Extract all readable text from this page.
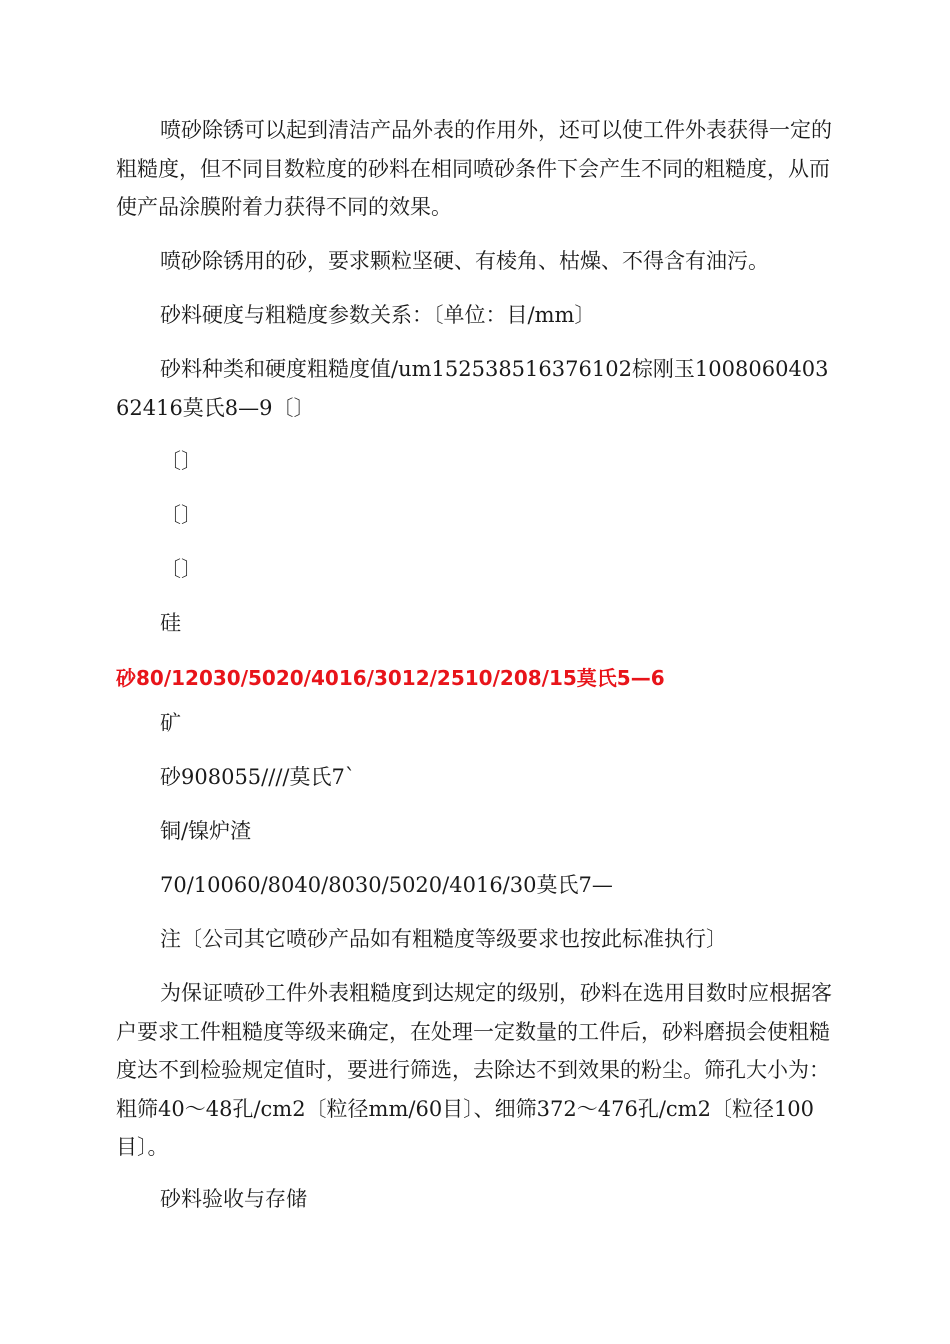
喷砂除锈可以起到清洁产品外表的作用外，还可以使工件外表获得一定的粗糙度，但不同目数粒度的砂料在相同喷砂条件下会产生不同的粗糙度，从而使产品涂膜附着力获得不同的效果。

喷砂除锈用的砂，要求颗粒坚硬、有棱角、枯燥、不得含有油污。

砂料硬度与粗糙度参数关系：〔单位：目/mm〕

砂料种类和硬度粗糙度值/um152538516376102棕刚玉100806040362416莫氏8—9〔〕

〔〕

〔〕

〔〕

硅

砂80/12030/5020/4016/3012/2510/208/15莫氏5—6

矿

砂908055////莫氏7`

铜/镍炉渣

70/10060/8040/8030/5020/4016/30莫氏7—

注〔公司其它喷砂产品如有粗糙度等级要求也按此标准执行〕

为保证喷砂工件外表粗糙度到达规定的级别，砂料在选用目数时应根据客户要求工件粗糙度等级来确定，在处理一定数量的工件后，砂料磨损会使粗糙度达不到检验规定值时，要进行筛选，去除达不到效果的粉尘。筛孔大小为：粗筛40～48孔/cm2〔粒径mm/60目〕、细筛372～476孔/cm2〔粒径100目〕。

砂料验收与存储
